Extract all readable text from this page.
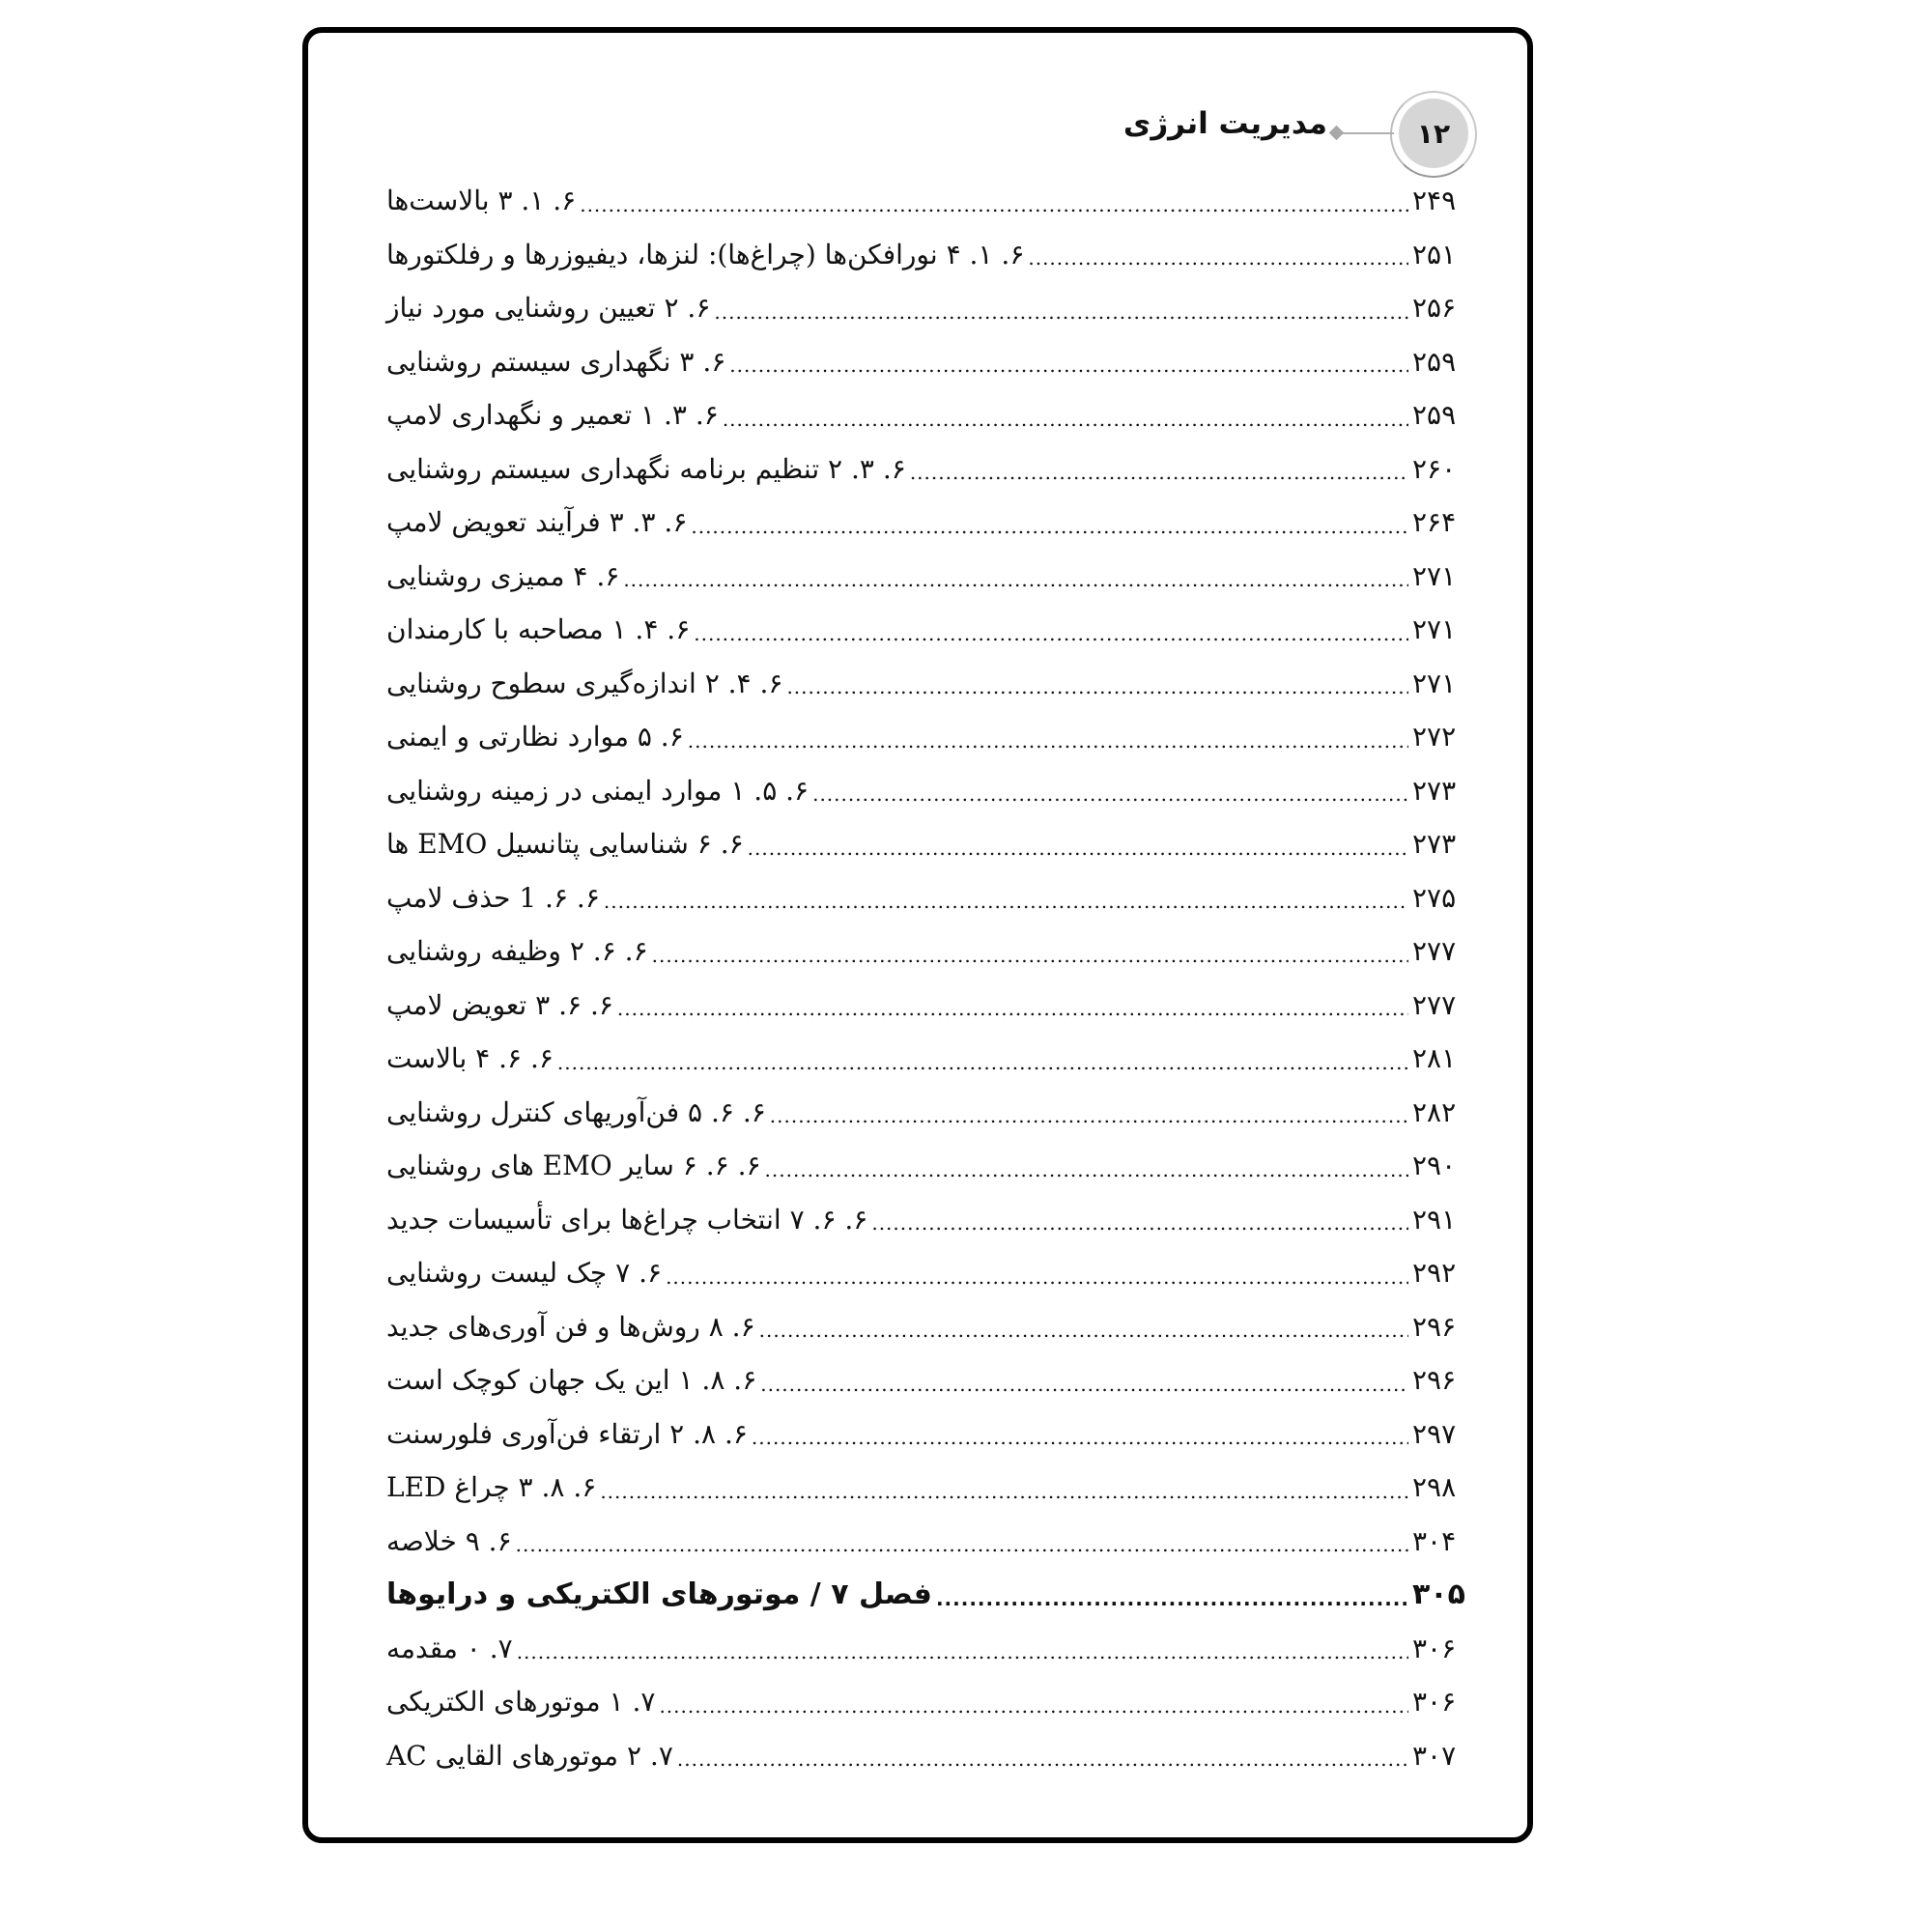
۱۲
مدیریت انرژی
۶. ۱. ۳ بالاست‌ها .....	۲۴۹
۶. ۱. ۴ نورافکن‌ها (چراغ‌ها): لنزها، دیفیوزرها و رفلکتورها .....	۲۵۱
۶. ۲ تعیین روشنایی مورد نیاز .....	۲۵۶
۶. ۳ نگهداری سیستم روشنایی .....	۲۵۹
۶. ۳. ۱ تعمیر و نگهداری لامپ .....	۲۵۹
۶. ۳. ۲ تنظیم برنامه نگهداری سیستم روشنایی .....	۲۶۰
۶. ۳. ۳ فرآیند تعویض لامپ .....	۲۶۴
۶. ۴ ممیزی روشنایی .....	۲۷۱
۶. ۴. ۱ مصاحبه با کارمندان .....	۲۷۱
۶. ۴. ۲ اندازه‌گیری سطوح روشنایی .....	۲۷۱
۶. ۵ موارد نظارتی و ایمنی .....	۲۷۲
۶. ۵. ۱ موارد ایمنی در زمینه روشنایی .....	۲۷۳
۶. ۶ شناسایی پتانسیل EMO ها .....	۲۷۳
۶. ۶. 1 حذف لامپ .....	۲۷۵
۶. ۶. ۲ وظیفه روشنایی .....	۲۷۷
۶. ۶. ۳ تعویض لامپ .....	۲۷۷
۶. ۶. ۴ بالاست .....	۲۸۱
۶. ۶. ۵ فن‌آوریهای کنترل روشنایی .....	۲۸۲
۶. ۶. ۶ سایر EMO های روشنایی .....	۲۹۰
۶. ۶. ۷ انتخاب چراغ‌ها برای تأسیسات جدید .....	۲۹۱
۶. ۷ چک لیست روشنایی .....	۲۹۲
۶. ۸ روش‌ها و فن آوری‌های جدید .....	۲۹۶
۶. ۸. ۱ این یک جهان کوچک است .....	۲۹۶
۶. ۸. ۲ ارتقاء فن‌آوری فلورسنت .....	۲۹۷
۶. ۸. ۳ چراغ LED .....	۲۹۸
۶. ۹ خلاصه .....	۳۰۴
فصل ۷ / موتورهای الکتریکی و درایوها .....	۳۰۵
۷. ۰ مقدمه .....	۳۰۶
۷. ۱ موتورهای الکتریکی .....	۳۰۶
۷. ۲ موتورهای القایی AC .....	۳۰۷
